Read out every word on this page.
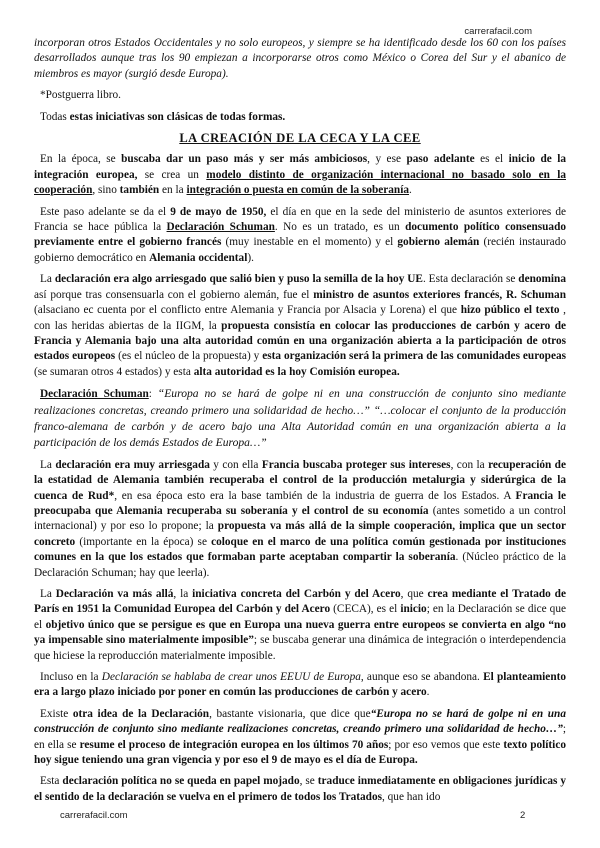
carrerafacil.com

incorporan otros Estados Occidentales y no solo europeos, y siempre se ha identificado desde los 60 con los países desarrollados aunque tras los 90 empiezan a incorporarse otros como México o Corea del Sur y el abanico de miembros es mayor (surgió desde Europa).

*Postguerra libro.

Todas estas iniciativas son clásicas de todas formas.

LA CREACIÓN DE LA CECA Y LA CEE

En la época, se buscaba dar un paso más y ser más ambiciosos, y ese paso adelante es el inicio de la integración europea, se crea un modelo distinto de organización internacional no basado solo en la cooperación, sino también en la integración o puesta en común de la soberanía.

Este paso adelante se da el 9 de mayo de 1950, el día en que en la sede del ministerio de asuntos exteriores de Francia se hace pública la Declaración Schuman. No es un tratado, es un documento político consensuado previamente entre el gobierno francés (muy inestable en el momento) y el gobierno alemán (recién instaurado gobierno democrático en Alemania occidental).

La declaración era algo arriesgado que salió bien y puso la semilla de la hoy UE. Esta declaración se denomina así porque tras consensuarla con el gobierno alemán, fue el ministro de asuntos exteriores francés, R. Schuman (alsaciano ec cuenta por el conflicto entre Alemania y Francia por Alsacia y Lorena) el que hizo público el texto , con las heridas abiertas de la IIGM, la propuesta consistía en colocar las producciones de carbón y acero de Francia y Alemania bajo una alta autoridad común en una organización abierta a la participación de otros estados europeos (es el núcleo de la propuesta) y esta organización será la primera de las comunidades europeas (se sumaran otros 4 estados) y esta alta autoridad es la hoy Comisión europea.

Declaración Schuman: “Europa no se hará de golpe ni en una construcción de conjunto sino mediante realizaciones concretas, creando primero una solidaridad de hecho…” “…colocar el conjunto de la producción franco-alemana de carbón y de acero bajo una Alta Autoridad común en una organización abierta a la participación de los demás Estados de Europa…”

La declaración era muy arriesgada y con ella Francia buscaba proteger sus intereses, con la recuperación de la estatidad de Alemania también recuperaba el control de la producción metalurgia y siderúrgica de la cuenca de Rud*, en esa época esto era la base también de la industria de guerra de los Estados. A Francia le preocupaba que Alemania recuperaba su soberanía y el control de su economía (antes sometido a un control internacional) y por eso lo propone; la propuesta va más allá de la simple cooperación, implica que un sector concreto (importante en la época) se coloque en el marco de una política común gestionada por instituciones comunes en la que los estados que formaban parte aceptaban compartir la soberanía. (Núcleo práctico de la Declaración Schuman; hay que leerla).

La Declaración va más allá, la iniciativa concreta del Carbón y del Acero, que crea mediante el Tratado de París en 1951 la Comunidad Europea del Carbón y del Acero (CECA), es el inicio; en la Declaración se dice que el objetivo único que se persigue es que en Europa una nueva guerra entre europeos se convierta en algo “no ya impensable sino materialmente imposible”; se buscaba generar una dinámica de integración o interdependencia que hiciese la reproducción materialmente imposible.

Incluso en la Declaración se hablaba de crear unos EEUU de Europa, aunque eso se abandona. El planteamiento era a largo plazo iniciado por poner en común las producciones de carbón y acero.

Existe otra idea de la Declaración, bastante visionaria, que dice que“Europa no se hará de golpe ni en una construcción de conjunto sino mediante realizaciones concretas, creando primero una solidaridad de hecho…”; en ella se resume el proceso de integración europea en los últimos 70 años; por eso vemos que este texto político hoy sigue teniendo una gran vigencia y por eso el 9 de mayo es el día de Europa.

Esta declaración política no se queda en papel mojado, se traduce inmediatamente en obligaciones jurídicas y el sentido de la declaración se vuelva en el primero de todos los Tratados, que han ido

carrerafacil.com	2
